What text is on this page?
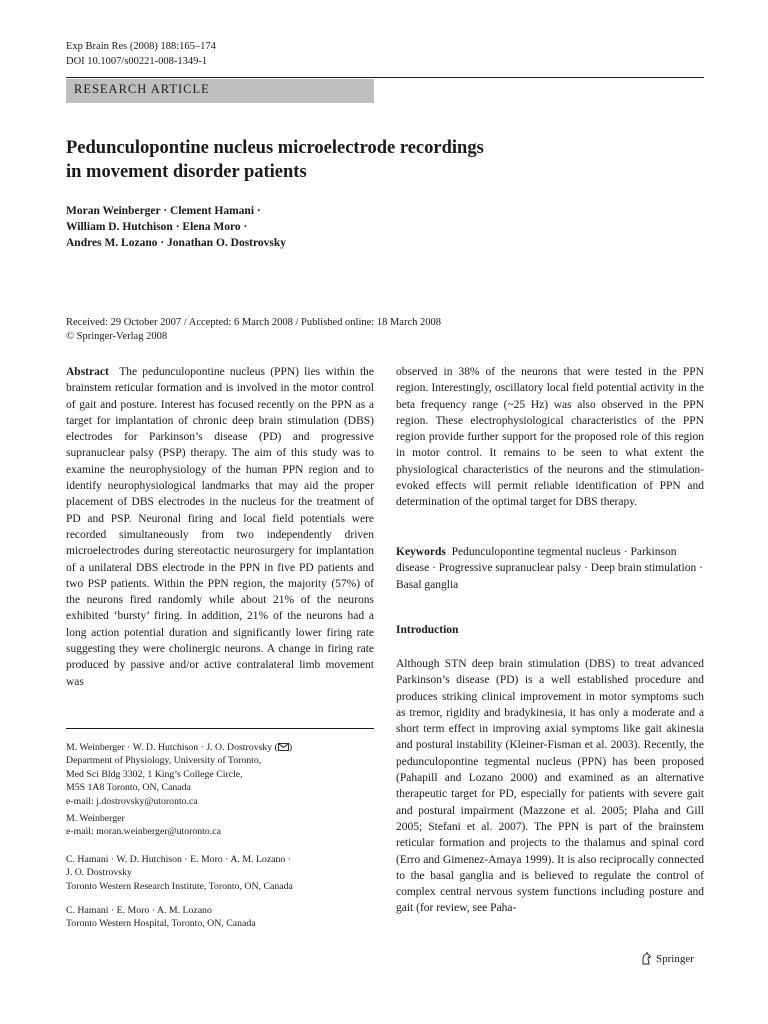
Exp Brain Res (2008) 188:165–174
DOI 10.1007/s00221-008-1349-1
RESEARCH ARTICLE
Pedunculopontine nucleus microelectrode recordings
in movement disorder patients
Moran Weinberger · Clement Hamani ·
William D. Hutchison · Elena Moro ·
Andres M. Lozano · Jonathan O. Dostrovsky
Received: 29 October 2007 / Accepted: 6 March 2008 / Published online: 18 March 2008
© Springer-Verlag 2008

Abstract The pedunculopontine nucleus (PPN) lies within the brainstem reticular formation and is involved in the motor control of gait and posture. Interest has focused recently on the PPN as a target for implantation of chronic deep brain stimulation (DBS) electrodes for Parkinson’s disease (PD) and progressive supranuclear palsy (PSP) therapy. The aim of this study was to examine the neurophysiology of the human PPN region and to identify neurophysiological landmarks that may aid the proper placement of DBS electrodes in the nucleus for the treatment of PD and PSP. Neuronal firing and local field potentials were recorded simultaneously from two independently driven microelectrodes during stereotactic neurosurgery for implantation of a unilateral DBS electrode in the PPN in five PD patients and two PSP patients. Within the PPN region, the majority (57%) of the neurons fired randomly while about 21% of the neurons exhibited ‘bursty’ firing. In addition, 21% of the neurons had a long action potential duration and significantly lower firing rate suggesting they were cholinergic neurons. A change in firing rate produced by passive and/or active contralateral limb movement was

observed in 38% of the neurons that were tested in the PPN region. Interestingly, oscillatory local field potential activity in the beta frequency range (~25 Hz) was also observed in the PPN region. These electrophysiological characteristics of the PPN region provide further support for the proposed role of this region in motor control. It remains to be seen to what extent the physiological characteristics of the neurons and the stimulation-evoked effects will permit reliable identification of PPN and determination of the optimal target for DBS therapy.

Keywords Pedunculopontine tegmental nucleus · Parkinson disease · Progressive supranuclear palsy · Deep brain stimulation · Basal ganglia
Introduction

Although STN deep brain stimulation (DBS) to treat advanced Parkinson’s disease (PD) is a well established procedure and produces striking clinical improvement in motor symptoms such as tremor, rigidity and bradykinesia, it has only a moderate and a short term effect in improving axial symptoms like gait akinesia and postural instability (Kleiner-Fisman et al. 2003). Recently, the pedunculopontine tegmental nucleus (PPN) has been proposed (Pahapill and Lozano 2000) and examined as an alternative therapeutic target for PD, especially for patients with severe gait and postural impairment (Mazzone et al. 2005; Plaha and Gill 2005; Stefani et al. 2007). The PPN is part of the brainstem reticular formation and projects to the thalamus and spinal cord (Erro and Gimenez-Amaya 1999). It is also reciprocally connected to the basal ganglia and is believed to regulate the control of complex central nervous system functions including posture and gait (for review, see Paha-

M. Weinberger · W. D. Hutchison · J. O. Dostrovsky ( )
Department of Physiology, University of Toronto,
Med Sci Bldg 3302, 1 King’s College Circle,
M5S 1A8 Toronto, ON, Canada
e-mail: j.dostrovsky@utoronto.ca
M. Weinberger
e-mail: moran.weinberger@utoronto.ca
C. Hamani · W. D. Hutchison · E. Moro · A. M. Lozano ·
J. O. Dostrovsky
Toronto Western Research Institute, Toronto, ON, Canada
C. Hamani · E. Moro · A. M. Lozano
Toronto Western Hospital, Toronto, ON, Canada
Springer
